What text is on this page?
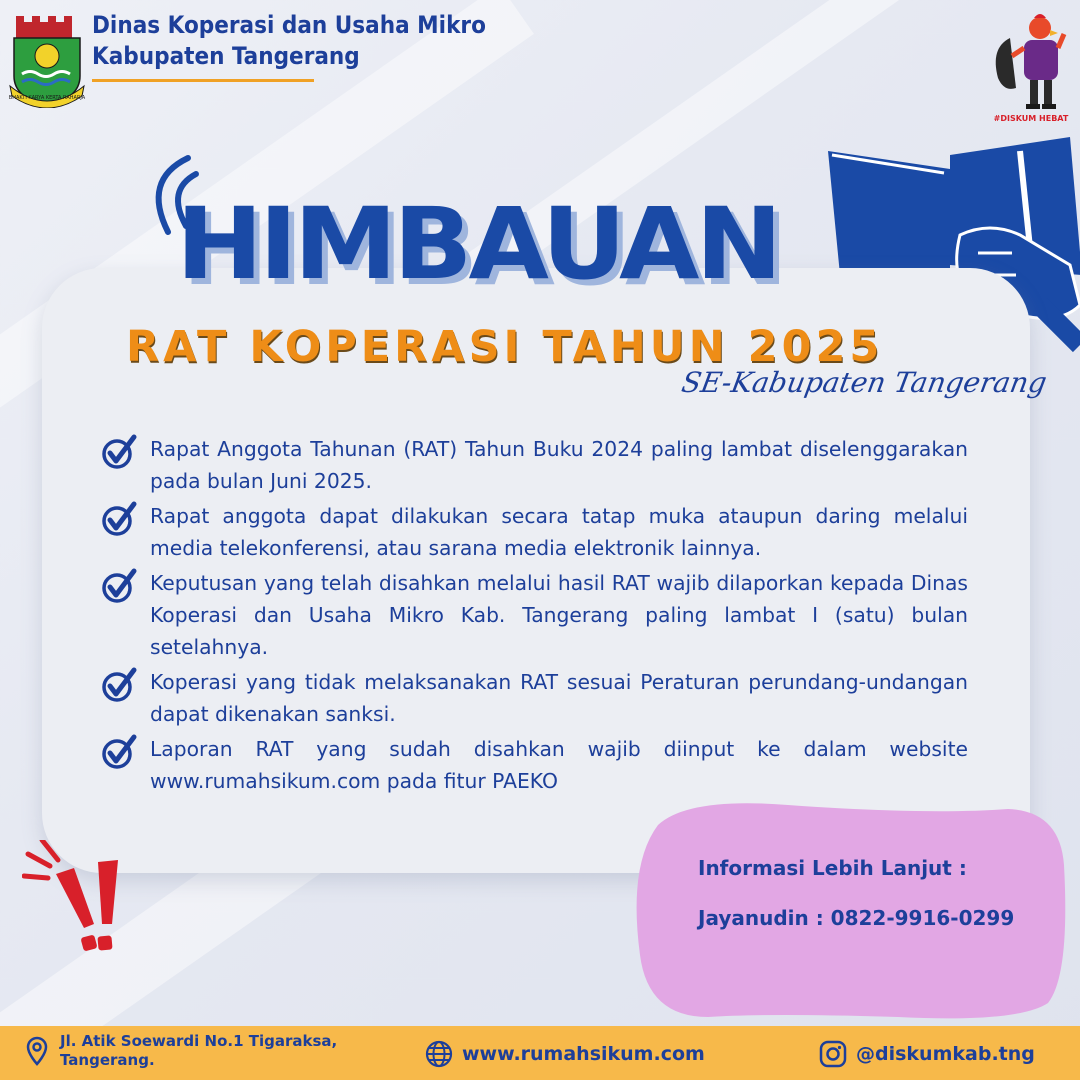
BHAKTI KARYA KERTA RAHARJA
Dinas Koperasi dan Usaha Mikro
Kabupaten Tangerang
#DISKUM HEBAT
HIMBAUAN
RAT KOPERASI TAHUN 2025
SE-Kabupaten Tangerang
Rapat Anggota Tahunan (RAT) Tahun Buku 2024 paling lambat diselenggarakan pada bulan Juni 2025.
Rapat anggota dapat dilakukan secara tatap muka ataupun daring melalui media telekonferensi, atau sarana media elektronik lainnya.
Keputusan yang telah disahkan melalui hasil RAT wajib dilaporkan kepada Dinas Koperasi dan Usaha Mikro Kab. Tangerang paling lambat I (satu) bulan setelahnya.
Koperasi yang tidak melaksanakan RAT sesuai Peraturan perundang-undangan dapat dikenakan sanksi.
Laporan RAT yang sudah disahkan wajib diinput ke dalam website www.rumahsikum.com pada fitur PAEKO
Informasi Lebih Lanjut :
Jayanudin : 0822-9916-0299
Jl. Atik Soewardi No.1 Tigaraksa,
Tangerang.	www.rumahsikum.com	@diskumkab.tng
